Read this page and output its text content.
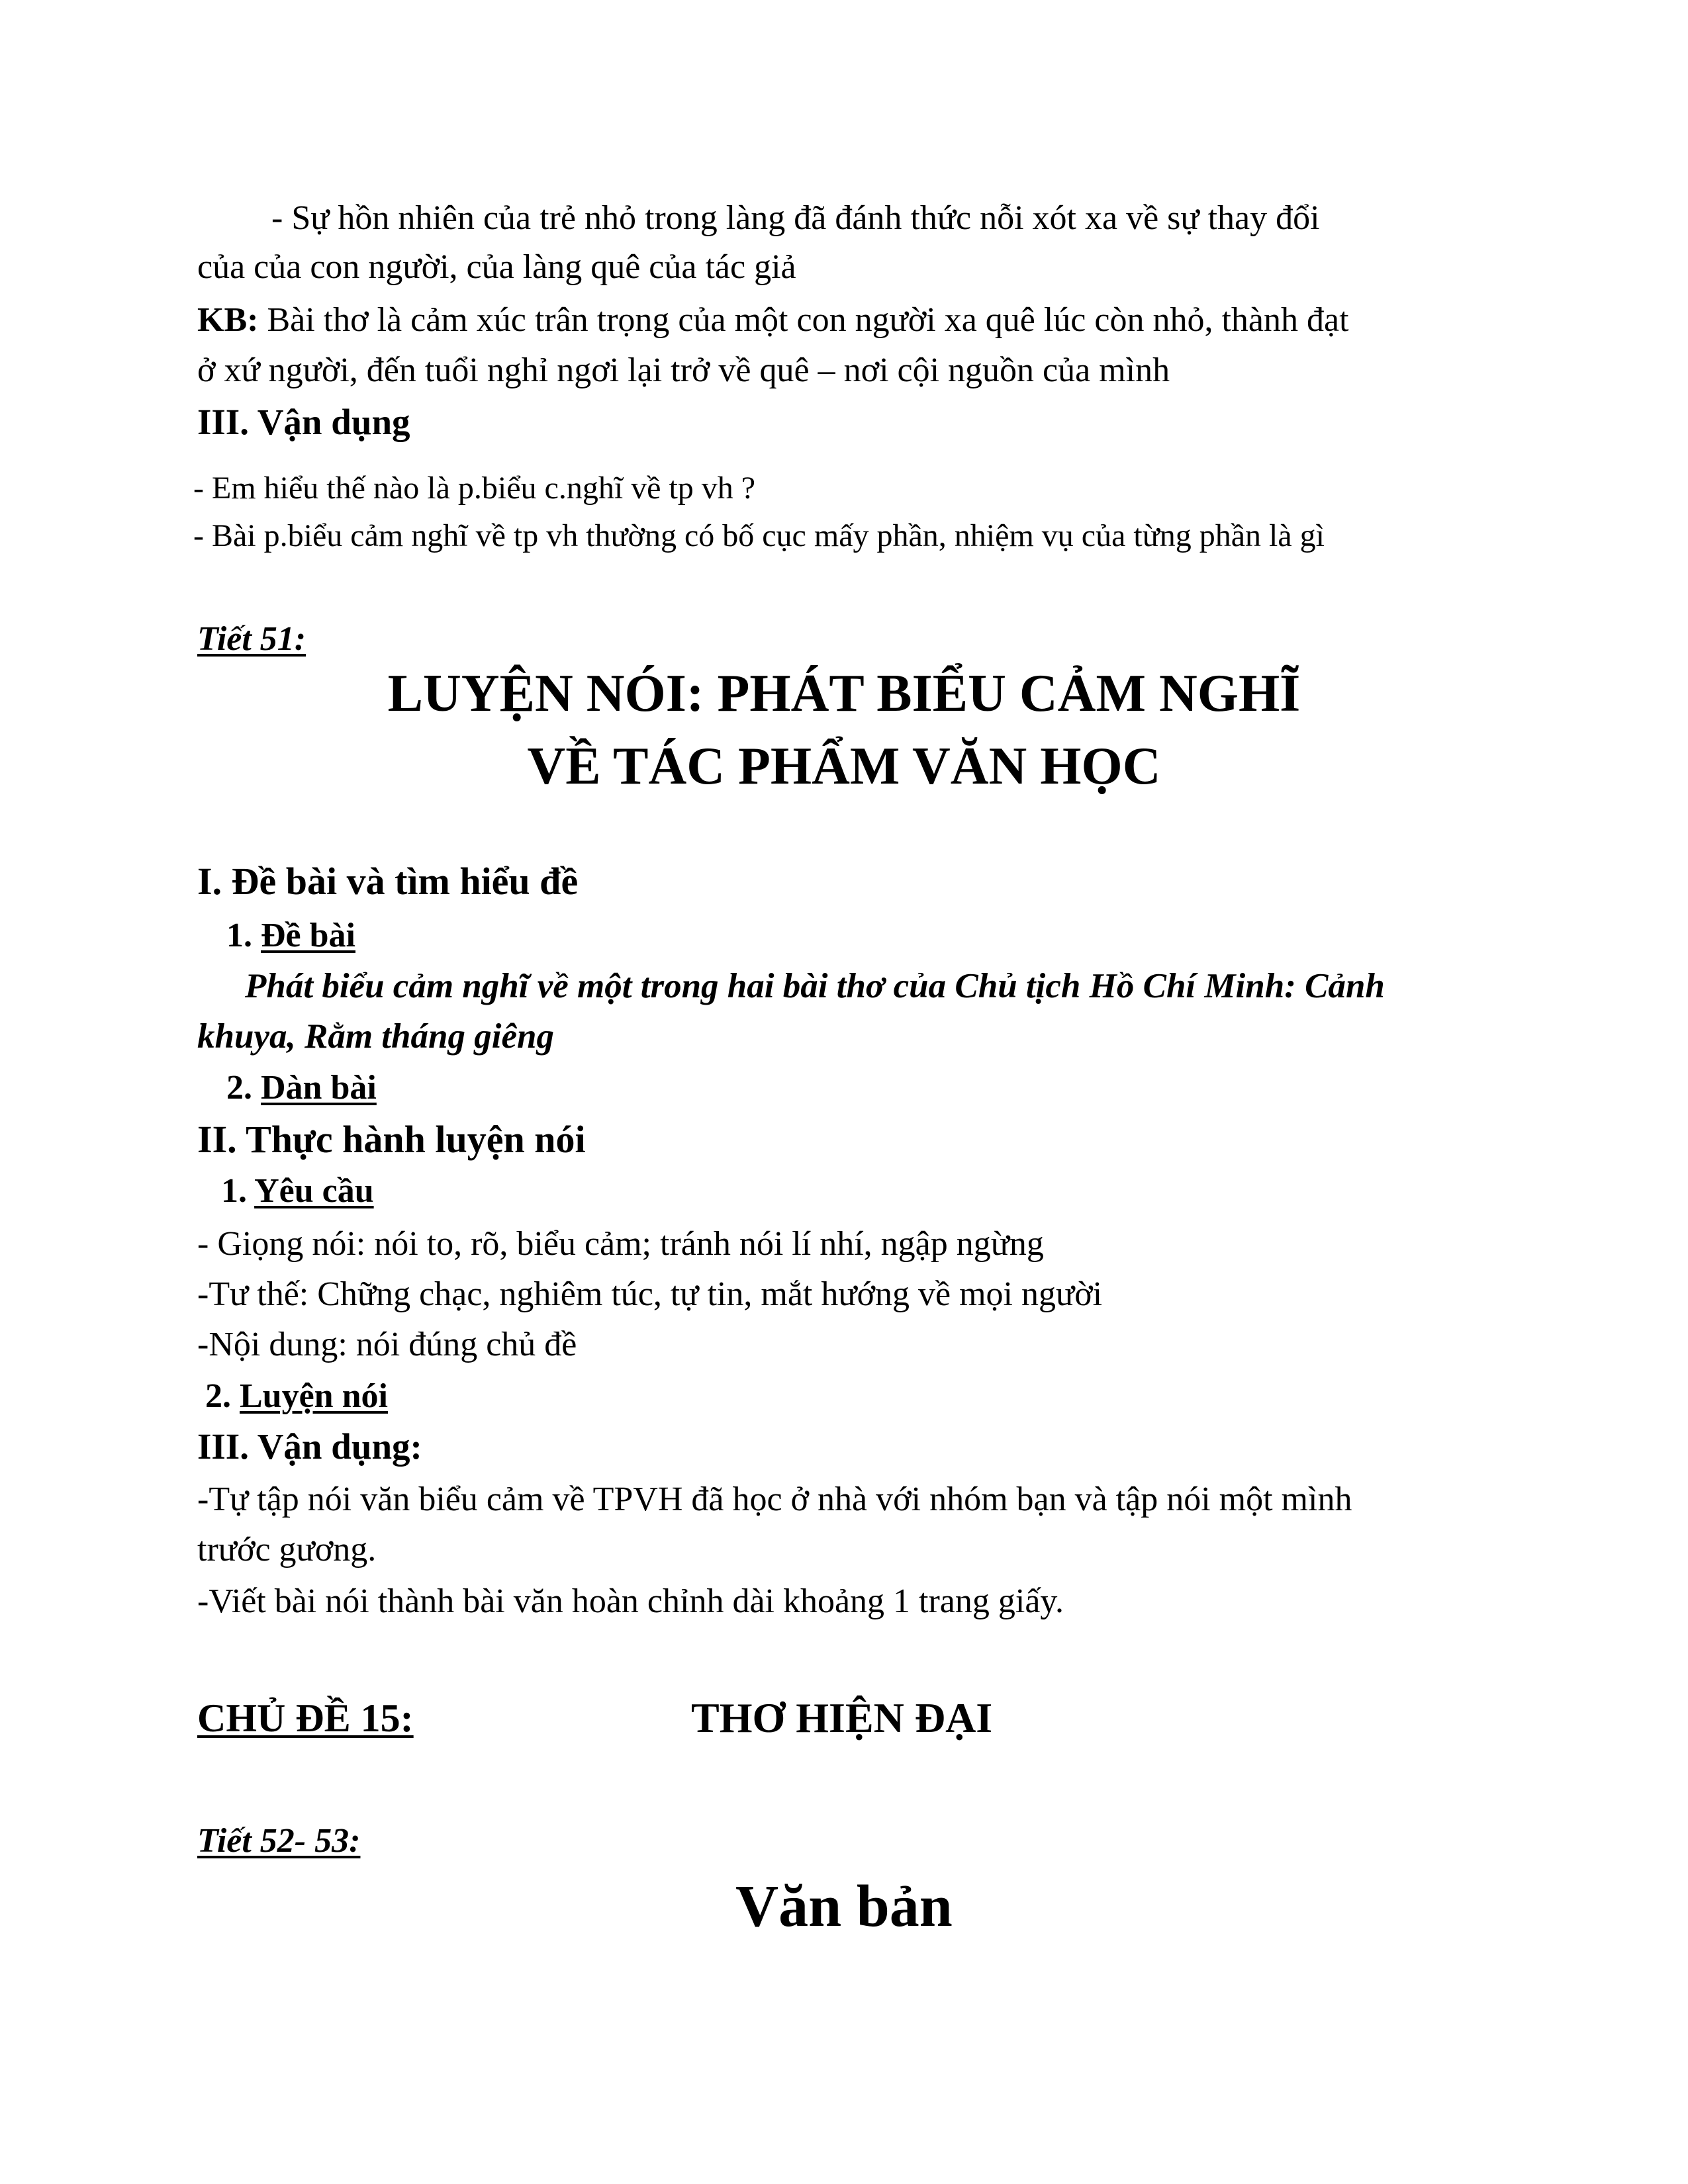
- Sự hồn nhiên của trẻ nhỏ trong làng đã đánh thức nỗi xót xa về sự thay đổi
của của con người, của làng quê của tác giả
KB: Bài thơ là cảm xúc trân trọng của một con người xa quê lúc còn nhỏ, thành đạt
ở xứ người, đến tuổi nghỉ ngơi lại trở về quê – nơi cội nguồn của mình
III. Vận dụng
- Em hiểu thế nào là p.biểu c.nghĩ về tp vh ?
- Bài p.biểu cảm nghĩ về tp vh thường có bố cục mấy phần, nhiệm vụ của từng phần là gì
Tiết 51:
LUYỆN NÓI: PHÁT BIỂU CẢM NGHĨ
VỀ TÁC PHẨM VĂN HỌC
I. Đề bài và tìm hiểu đề
1. Đề bài
Phát biểu cảm nghĩ về một trong hai bài thơ của Chủ tịch Hồ Chí Minh: Cảnh
khuya, Rằm tháng giêng
2. Dàn bài
II. Thực hành luyện nói
1. Yêu cầu
- Giọng nói: nói to, rõ, biểu cảm; tránh nói lí nhí, ngập ngừng
-Tư thế: Chững chạc, nghiêm túc, tự tin, mắt hướng về mọi người
-Nội dung: nói đúng chủ đề
2. Luyện nói
III. Vận dụng:
-Tự tập nói văn biểu cảm về TPVH đã học ở nhà với nhóm bạn và tập nói một mình
trước gương.
-Viết bài nói thành bài văn hoàn chỉnh dài khoảng 1 trang giấy.
CHỦ ĐỀ 15:	THƠ HIỆN ĐẠI
Tiết 52- 53:
Văn bản
